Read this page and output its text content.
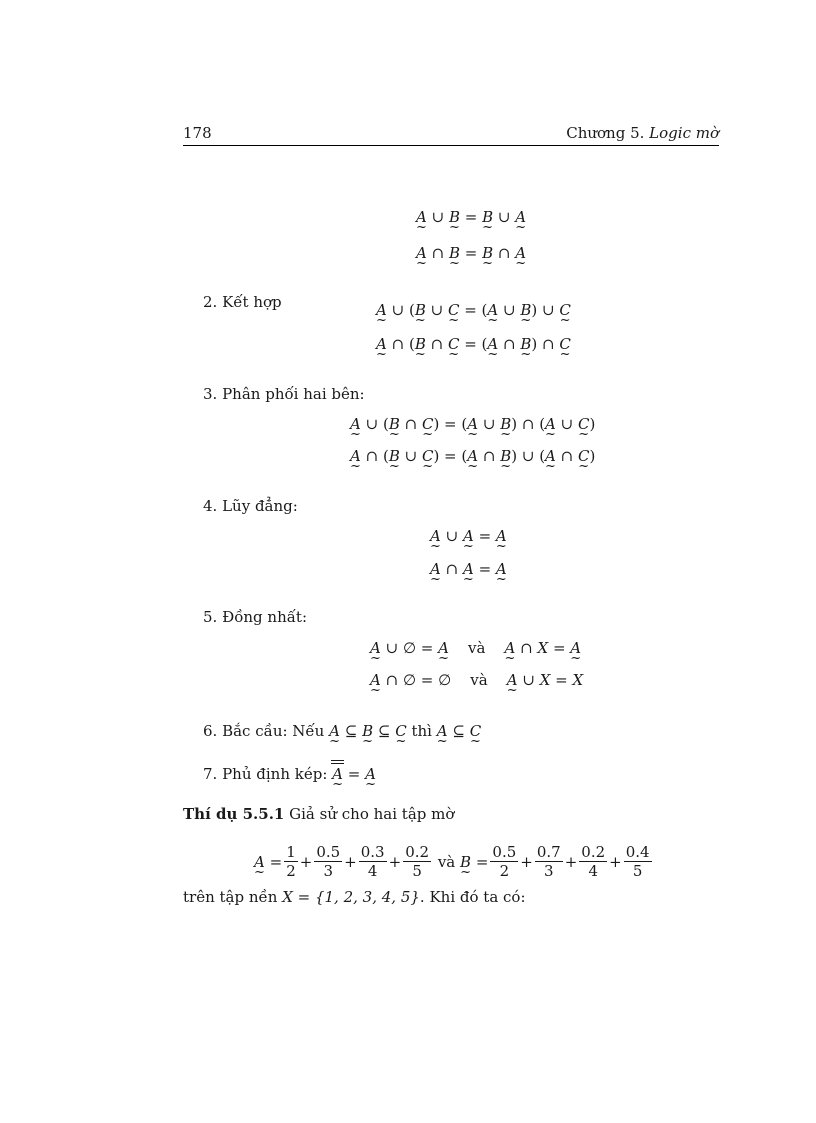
178	Chương 5. Logic mờ
A ~ ∪ B ~ = B ~ ∪ A ~
A ~ ∩ B ~ = B ~ ∩ A ~
2. Kết hợp	A ~ ∪ (B ~ ∪ C ~ = (A ~ ∪ B ~) ∪ C ~
A ~ ∩ (B ~ ∩ C ~ = (A ~ ∩ B ~) ∩ C ~
3. Phân phối hai bên:
A ~ ∪ (B ~ ∩ C ~) = (A ~ ∪ B ~) ∩ (A ~ ∪ C ~)
A ~ ∩ (B ~ ∪ C ~) = (A ~ ∩ B ~) ∪ (A ~ ∩ C ~)
4. Lũy đẳng:
A ~ ∪ A ~ = A ~
A ~ ∩ A ~ = A ~
5. Đồng nhất:
A ~ ∪ ∅ = A ~ và A ~ ∩ X = A ~
A ~ ∩ ∅ = ∅    và A ~ ∪ X = X
6. Bắc cầu: Nếu A ~ ⊆ B ~ ⊆ C ~ thì A ~ ⊆ C ~
7. Phủ định kép: A ~ = A ~
Thí dụ 5.5.1 Giả sử cho hai tập mờ
A ~ = $\frac{1}{2} + \frac{0.5}{3} + \frac{0.3}{4} + \frac{0.2}{5}$
và
B ~ = $\frac{0.5}{2} + \frac{0.7}{3} + \frac{0.2}{4} + \frac{0.4}{5}$
trên tập nền X = {1, 2, 3, 4, 5}. Khi đó ta có:
